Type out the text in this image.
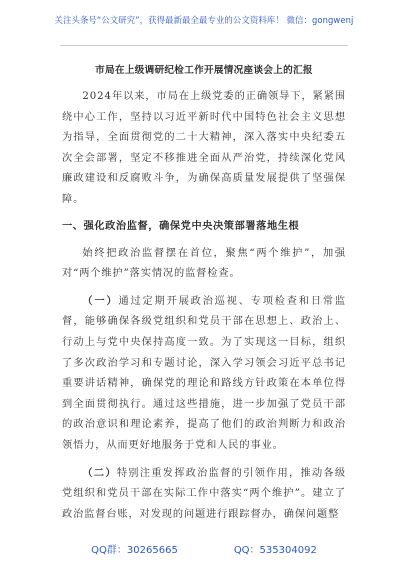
关注头条号“公文研究”，获得最新最全最专业的公文资料库！ 微信：gongwenj
市局在上级调研纪检工作开展情况座谈会上的汇报

2024年以来，市局在上级党委的正确领导下，紧紧围绕中心工作，坚持以习近平新时代中国特色社会主义思想为指导，全面贯彻党的二十大精神，深入落实中央纪委五次全会部署，坚定不移推进全面从严治党，持续深化党风廉政建设和反腐败斗争，为确保高质量发展提供了坚强保障。

一、强化政治监督，确保党中央决策部署落地生根

始终把政治监督摆在首位，聚焦“两个维护”，加强对“两个维护”落实情况的监督检查。

（一）通过定期开展政治巡视、专项检查和日常监督，能够确保各级党组织和党员干部在思想上、政治上、行动上与党中央保持高度一致。为了实现这一目标，组织了多次政治学习和专题讨论，深入学习领会习近平总书记重要讲话精神，确保党的理论和路线方针政策在本单位得到全面贯彻执行。通过这些措施，进一步加强了党员干部的政治意识和理论素养，提高了他们的政治判断力和政治领悟力，从而更好地服务于党和人民的事业。

（二）特别注重发挥政治监督的引领作用，推动各级党组织和党员干部在实际工作中落实“两个维护”。建立了政治监督台账，对发现的问题进行跟踪督办，确保问题整

QQ群：30265665	QQ：535304092
